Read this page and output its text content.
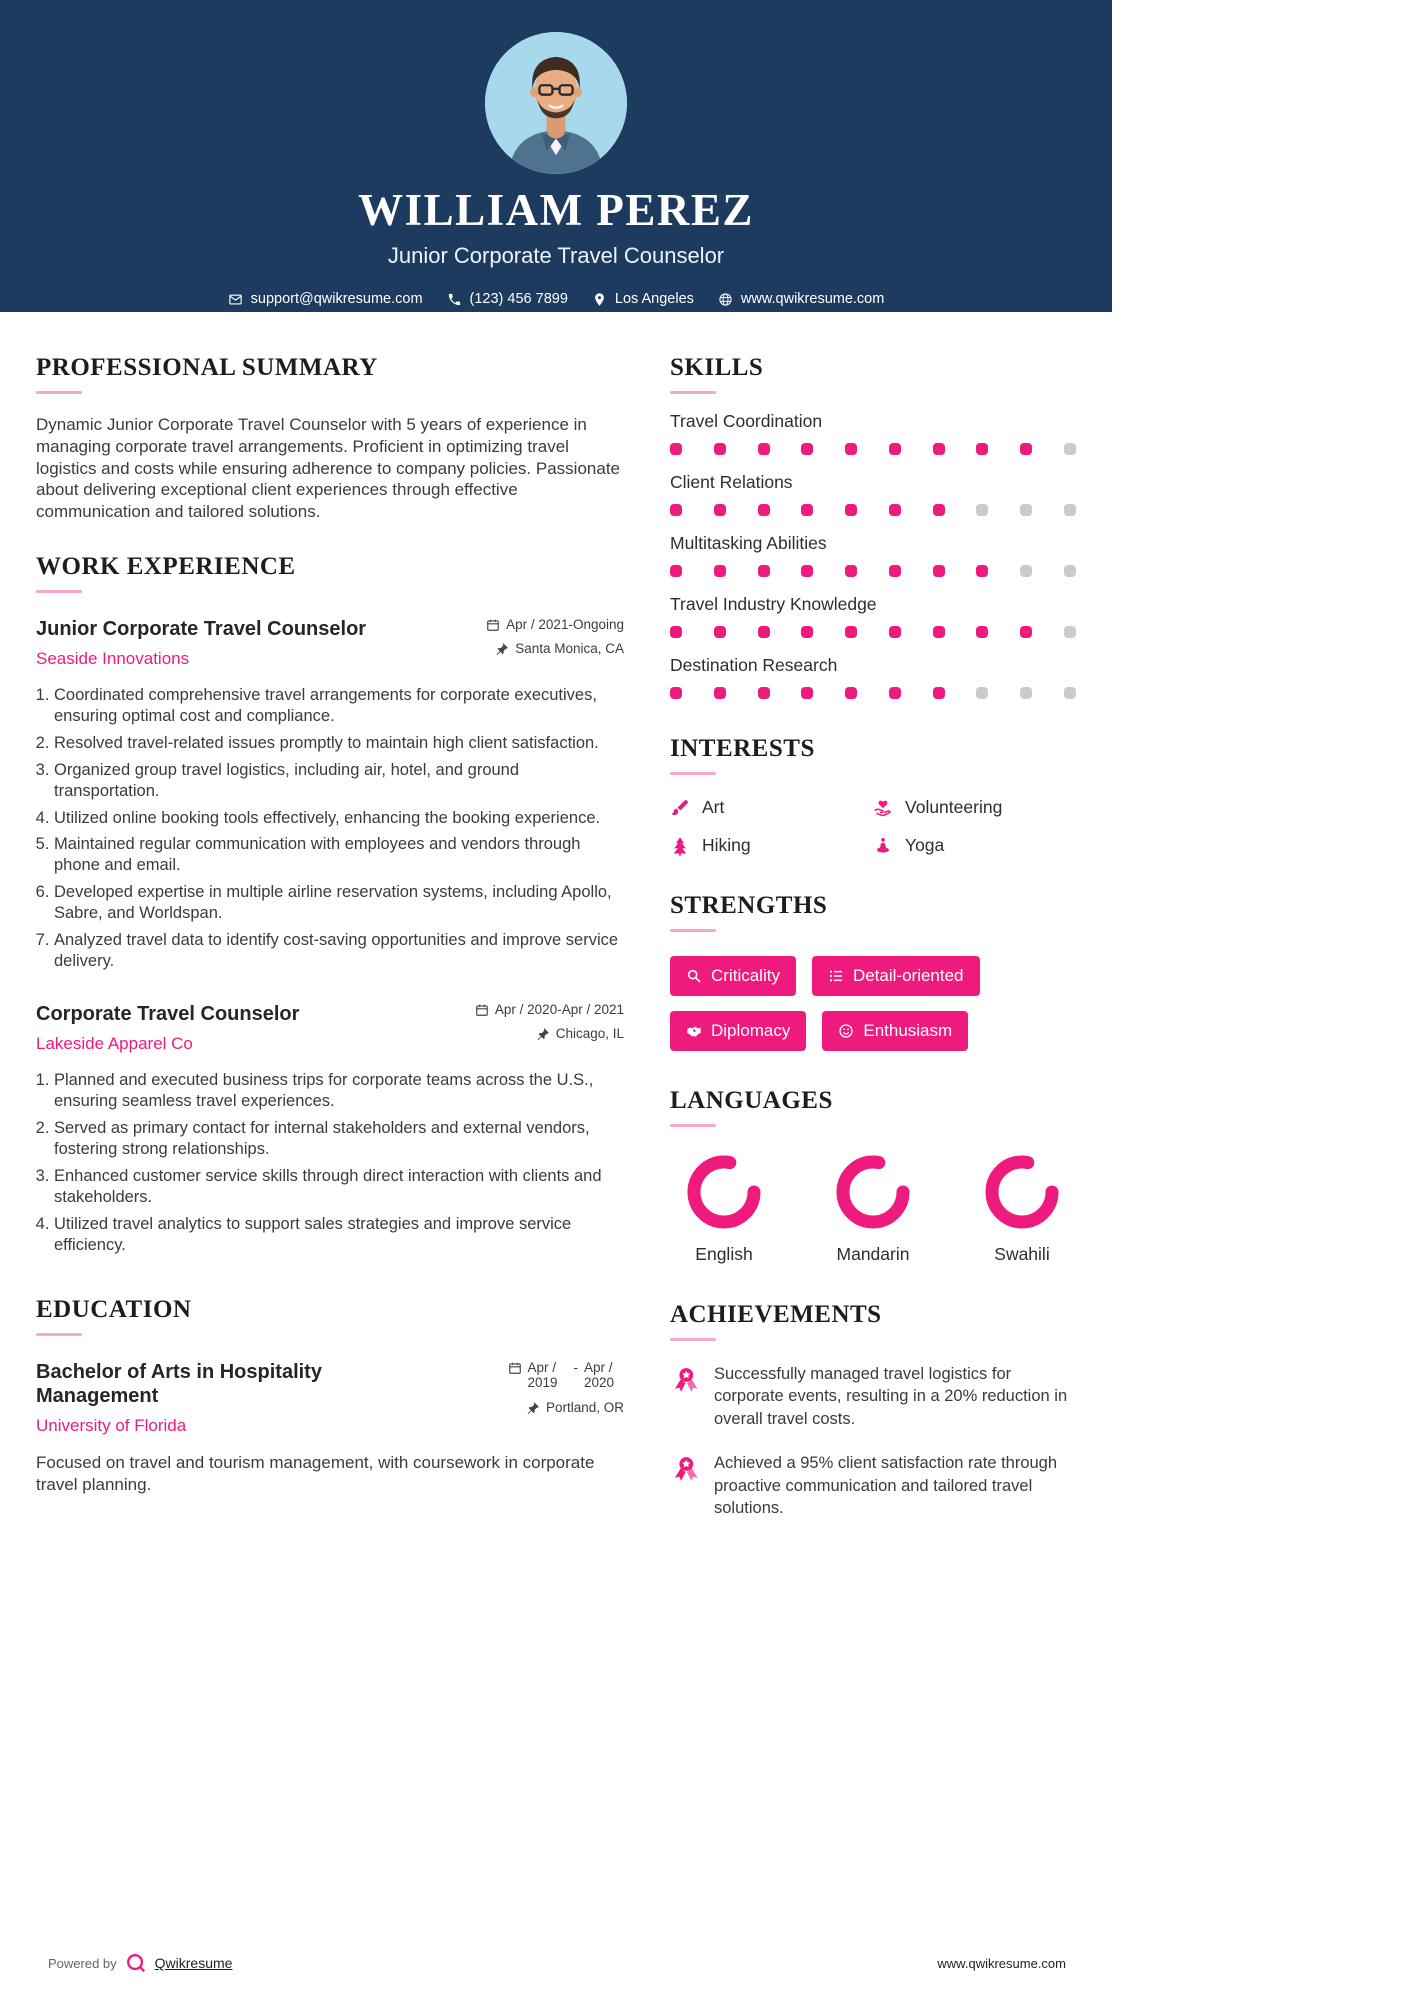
WILLIAM PEREZ
Junior Corporate Travel Counselor
support@qwikresume.com	(123) 456 7899	Los Angeles	www.qwikresume.com
PROFESSIONAL SUMMARY

Dynamic Junior Corporate Travel Counselor with 5 years of experience in managing corporate travel arrangements. Proficient in optimizing travel logistics and costs while ensuring adherence to company policies. Passionate about delivering exceptional client experiences through effective communication and tailored solutions.

WORK EXPERIENCE
Junior Corporate Travel Counselor
Seaside Innovations
Apr / 2021-Ongoing
Santa Monica, CA
1. Coordinated comprehensive travel arrangements for corporate executives, ensuring optimal cost and compliance.
2. Resolved travel-related issues promptly to maintain high client satisfaction.
3. Organized group travel logistics, including air, hotel, and ground transportation.
4. Utilized online booking tools effectively, enhancing the booking experience.
5. Maintained regular communication with employees and vendors through phone and email.
6. Developed expertise in multiple airline reservation systems, including Apollo, Sabre, and Worldspan.
7. Analyzed travel data to identify cost-saving opportunities and improve service delivery.
Corporate Travel Counselor
Lakeside Apparel Co
Apr / 2020-Apr / 2021
Chicago, IL
1. Planned and executed business trips for corporate teams across the U.S., ensuring seamless travel experiences.
2. Served as primary contact for internal stakeholders and external vendors, fostering strong relationships.
3. Enhanced customer service skills through direct interaction with clients and stakeholders.
4. Utilized travel analytics to support sales strategies and improve service efficiency.
EDUCATION
Bachelor of Arts in Hospitality Management
University of Florida
Apr / 2019
- Apr / 2020
Portland, OR

Focused on travel and tourism management, with coursework in corporate travel planning.

SKILLS
Travel Coordination
Client Relations
Multitasking Abilities
Travel Industry Knowledge
Destination Research
INTERESTS
Art	Volunteering
Hiking	Yoga
STRENGTHS
Criticality	Detail-oriented
Diplomacy	Enthusiasm
LANGUAGES
English	Mandarin	Swahili
ACHIEVEMENTS
Successfully managed travel logistics for corporate events, resulting in a 20% reduction in overall travel costs.
Achieved a 95% client satisfaction rate through proactive communication and tailored travel solutions.
Powered by	Qwikresume	www.qwikresume.com
